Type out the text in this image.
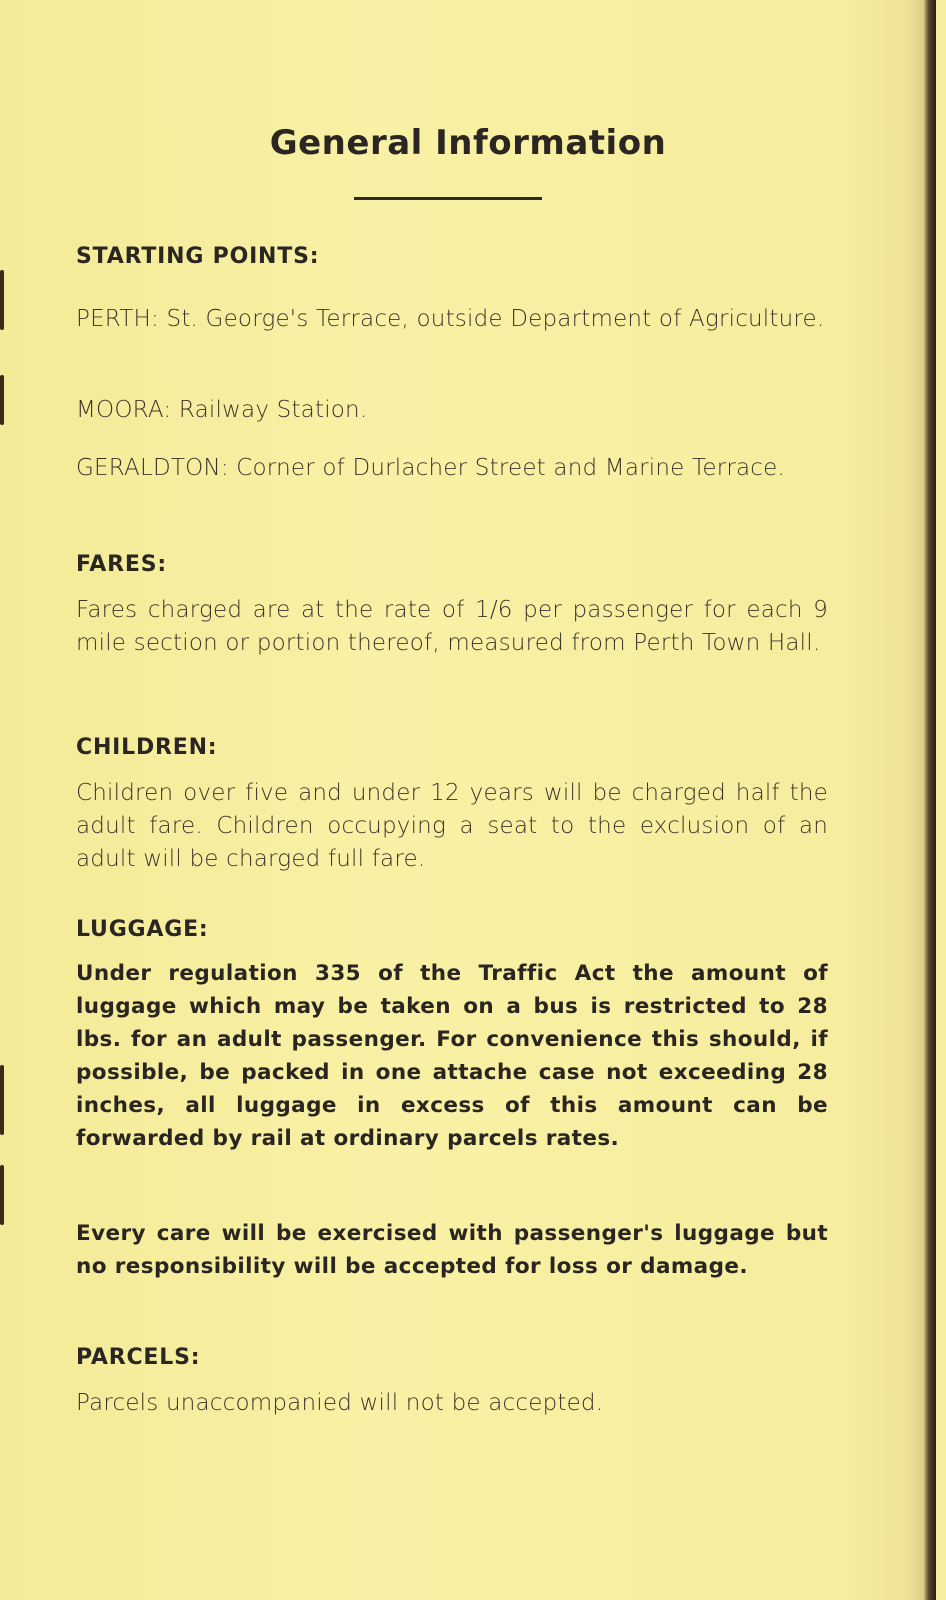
General Information
STARTING POINTS:

PERTH: St. George's Terrace, outside Department of Agriculture.

MOORA: Railway Station.

GERALDTON: Corner of Durlacher Street and Marine Terrace.

FARES:

Fares charged are at the rate of 1/6 per passenger for each 9 mile section or portion thereof, measured from Perth Town Hall.

CHILDREN:

Children over five and under 12 years will be charged half the adult fare. Children occupying a seat to the exclusion of an adult will be charged full fare.

LUGGAGE:

Under regulation 335 of the Traffic Act the amount of luggage which may be taken on a bus is restricted to 28 lbs. for an adult passenger. For convenience this should, if possible, be packed in one attache case not exceeding 28 inches, all luggage in excess of this amount can be forwarded by rail at ordinary parcels rates.

Every care will be exercised with passenger's luggage but no responsibility will be accepted for loss or damage.

PARCELS:

Parcels unaccompanied will not be accepted.
